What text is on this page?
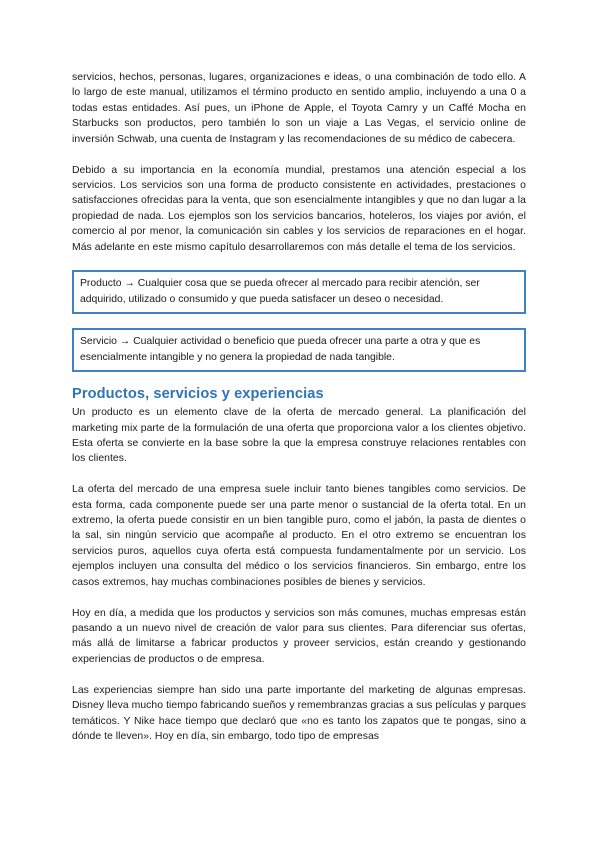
servicios, hechos, personas, lugares, organizaciones e ideas, o una combinación de todo ello. A lo largo de este manual, utilizamos el término producto en sentido amplio, incluyendo a una 0 a todas estas entidades. Así pues, un iPhone de Apple, el Toyota Camry y un Caffé Mocha en Starbucks son productos, pero también lo son un viaje a Las Vegas, el servicio online de inversión Schwab, una cuenta de Instagram y las recomendaciones de su médico de cabecera.

Debido a su importancia en la economía mundial, prestamos una atención especial a los servicios. Los servicios son una forma de producto consistente en actividades, prestaciones o satisfacciones ofrecidas para la venta, que son esencialmente intangibles y que no dan lugar a la propiedad de nada. Los ejemplos son los servicios bancarios, hoteleros, los viajes por avión, el comercio al por menor, la comunicación sin cables y los servicios de reparaciones en el hogar. Más adelante en este mismo capítulo desarrollaremos con más detalle el tema de los servicios.

Producto → Cualquier cosa que se pueda ofrecer al mercado para recibir atención, ser adquirido, utilizado o consumido y que pueda satisfacer un deseo o necesidad.

Servicio → Cualquier actividad o beneficio que pueda ofrecer una parte a otra y que es esencialmente intangible y no genera la propiedad de nada tangible.

Productos, servicios y experiencias

Un producto es un elemento clave de la oferta de mercado general. La planificación del marketing mix parte de la formulación de una oferta que proporciona valor a los clientes objetivo. Esta oferta se convierte en la base sobre la que la empresa construye relaciones rentables con los clientes.

La oferta del mercado de una empresa suele incluir tanto bienes tangibles como servicios. De esta forma, cada componente puede ser una parte menor o sustancial de la oferta total. En un extremo, la oferta puede consistir en un bien tangible puro, como el jabón, la pasta de dientes o la sal, sin ningún servicio que acompañe al producto. En el otro extremo se encuentran los servicios puros, aquellos cuya oferta está compuesta fundamentalmente por un servicio. Los ejemplos incluyen una consulta del médico o los servicios financieros. Sin embargo, entre los casos extremos, hay muchas combinaciones posibles de bienes y servicios.

Hoy en día, a medida que los productos y servicios son más comunes, muchas empresas están pasando a un nuevo nivel de creación de valor para sus clientes. Para diferenciar sus ofertas, más allá de limitarse a fabricar productos y proveer servicios, están creando y gestionando experiencias de productos o de empresa.

Las experiencias siempre han sido una parte importante del marketing de algunas empresas. Disney lleva mucho tiempo fabricando sueños y remembranzas gracias a sus películas y parques temáticos. Y Nike hace tiempo que declaró que «no es tanto los zapatos que te pongas, sino a dónde te lleven». Hoy en día, sin embargo, todo tipo de empresas
